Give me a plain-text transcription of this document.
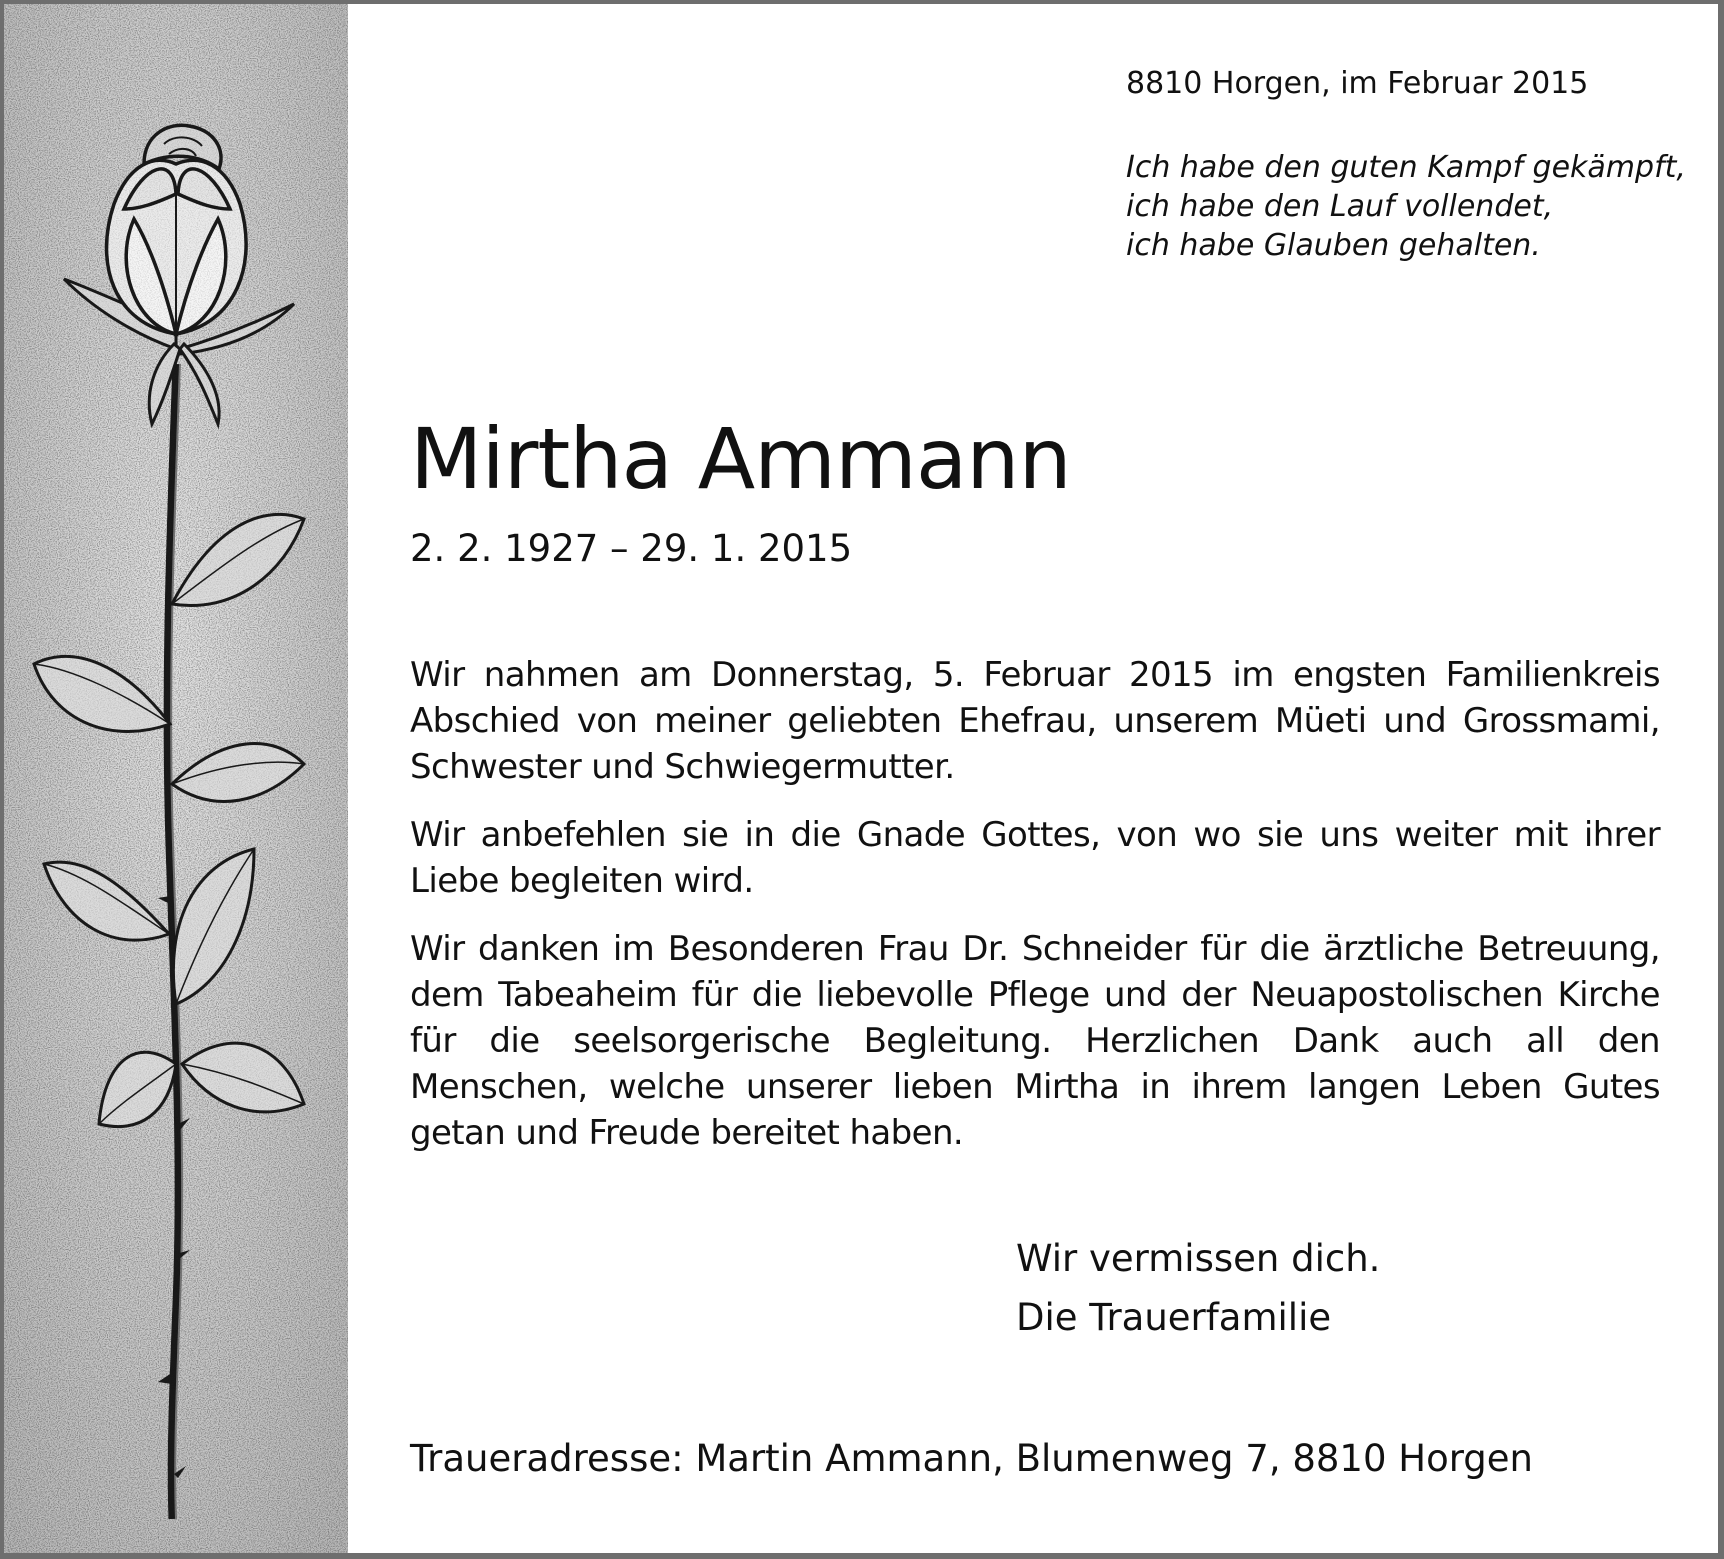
8810 Horgen, im Februar 2015
Ich habe den guten Kampf gekämpft,
ich habe den Lauf vollendet,
ich habe Glauben gehalten.
Mirtha Ammann
2. 2. 1927 – 29. 1. 2015

Wir nahmen am Donnerstag, 5. Februar 2015 im engsten Familienkreis Abschied von meiner geliebten Ehefrau, unserem Müeti und Grossmami, Schwester und Schwiegermutter.

Wir anbefehlen sie in die Gnade Gottes, von wo sie uns weiter mit ihrer Liebe begleiten wird.

Wir danken im Besonderen Frau Dr. Schneider für die ärztliche Betreuung, dem Tabeaheim für die liebevolle Pflege und der Neuapostolischen Kirche für die seelsorgerische Begleitung. Herzlichen Dank auch all den Menschen, welche unserer lieben Mirtha in ihrem langen Leben Gutes getan und Freude bereitet haben.

Wir vermissen dich.
Die Trauerfamilie
Traueradresse: Martin Ammann, Blumenweg 7, 8810 Horgen
